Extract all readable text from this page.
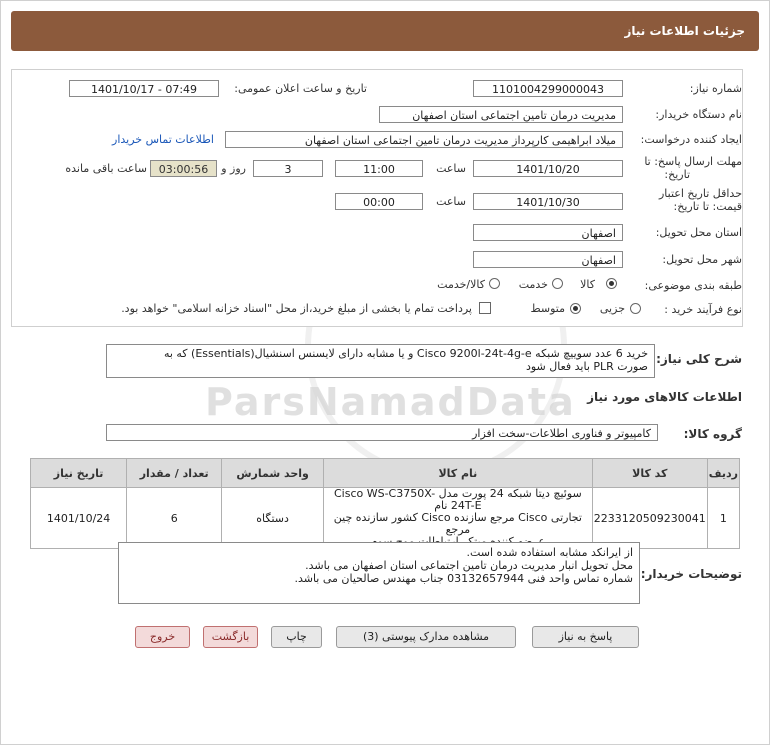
جزئیات اطلاعات نیاز
ParsNamadData
شماره نیاز:
1101004299000043
تاریخ و ساعت اعلان عمومی:
1401/10/17 - 07:49
نام دستگاه خریدار:
مدیریت درمان تامین اجتماعی استان اصفهان
ایجاد کننده درخواست:
میلاد ابراهیمی کارپرداز مدیریت درمان تامین اجتماعی استان اصفهان
اطلاعات تماس خریدار
مهلت ارسال پاسخ: تا
تاریخ:
1401/10/20
ساعت
11:00
3
روز و
03:00:56
ساعت باقی مانده
حداقل تاریخ اعتبار
قیمت: تا تاریخ:
1401/10/30
ساعت
00:00
استان محل تحویل:
اصفهان
شهر محل تحویل:
اصفهان
طبقه بندی موضوعی:
کالا
خدمت
کالا/خدمت
نوع فرآیند خرید :
جزیی
متوسط
پرداخت تمام یا بخشی از مبلغ خرید،از محل "اسناد خزانه اسلامی" خواهد بود.
شرح کلی نیاز:
خرید 6 عدد سوییچ شبکه Cisco 9200l-24t-4g-e و یا مشابه دارای لایسنس اسنشیال(Essentials) که به
صورت PLR باید فعال شود
اطلاعات کالاهای مورد نیاز
گروه کالا:
کامپیوتر و فناوری اطلاعات-سخت افزار
ردیف	کد کالا	نام کالا	واحد شمارش	تعداد / مقدار	تاریخ نیاز
1	2233120509230041	سوئیچ دیتا شبکه 24 پورت مدل Cisco WS-C3750X-24T-E نام
تجارتی Cisco مرجع سازنده Cisco کشور سازنده چین مرجع	دستگاه	6	1401/10/24
توضیحات خریدار:
از ایرانکد مشابه استفاده شده است.
محل تحویل انبار مدیریت درمان تامین اجتماعی استان اصفهان می باشد.
شماره تماس واحد فنی 03132657944 جناب مهندس صالحیان می باشد.
پاسخ به نیاز
مشاهده مدارک پیوستی (3)
چاپ
بازگشت
خروج
